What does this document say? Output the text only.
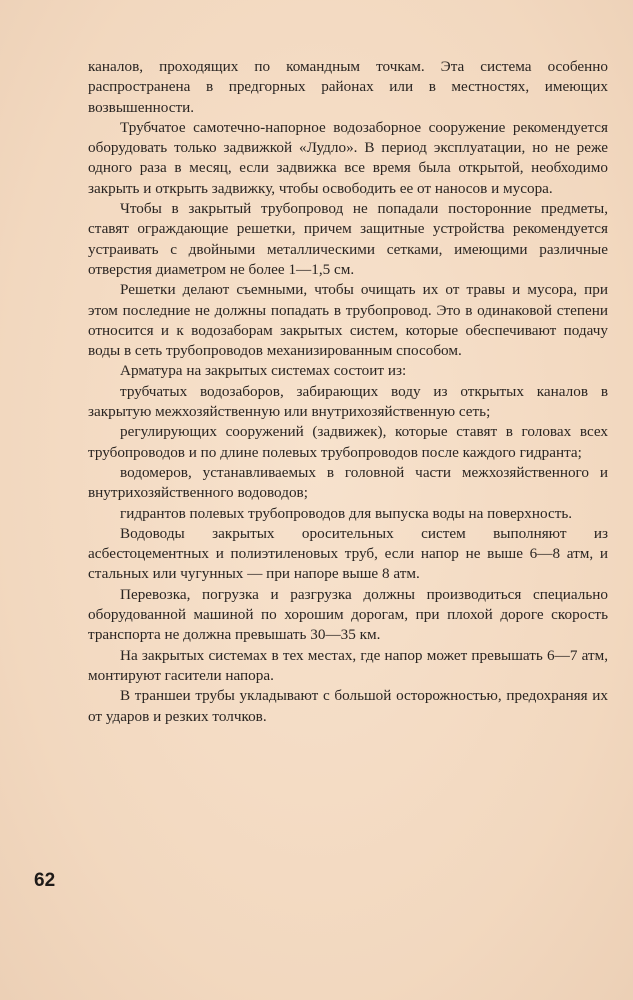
каналов, проходящих по командным точкам. Эта система особенно распространена в предгорных районах или в местностях, имеющих возвышенности.

Трубчатое самотечно-напорное водозаборное сооружение рекомендуется оборудовать только задвижкой «Лудло». В период эксплуатации, но не реже одного раза в месяц, если задвижка все время была открытой, необходимо закрыть и открыть задвижку, чтобы освободить ее от наносов и мусора.

Чтобы в закрытый трубопровод не попадали посторонние предметы, ставят ограждающие решетки, причем защитные устройства рекомендуется устраивать с двойными металлическими сетками, имеющими различные отверстия диаметром не более 1—1,5 см.

Решетки делают съемными, чтобы очищать их от травы и мусора, при этом последние не должны попадать в трубопровод. Это в одинаковой степени относится и к водозаборам закрытых систем, которые обеспечивают подачу воды в сеть трубопроводов механизированным способом.

Арматура на закрытых системах состоит из:

трубчатых водозаборов, забирающих воду из открытых каналов в закрытую межхозяйственную или внутрихозяйственную сеть;

регулирующих сооружений (задвижек), которые ставят в головах всех трубопроводов и по длине полевых трубопроводов после каждого гидранта;

водомеров, устанавливаемых в головной части межхозяйственного и внутрихозяйственного водоводов;

гидрантов полевых трубопроводов для выпуска воды на поверхность.

Водоводы закрытых оросительных систем выполняют из асбестоцементных и полиэтиленовых труб, если напор не выше 6—8 атм, и стальных или чугунных — при напоре выше 8 атм.

Перевозка, погрузка и разгрузка должны производиться специально оборудованной машиной по хорошим дорогам, при плохой дороге скорость транспорта не должна превышать 30—35 км.

На закрытых системах в тех местах, где напор может превышать 6—7 атм, монтируют гасители напора.

В траншеи трубы укладывают с большой осторожностью, предохраняя их от ударов и резких толчков.

62
